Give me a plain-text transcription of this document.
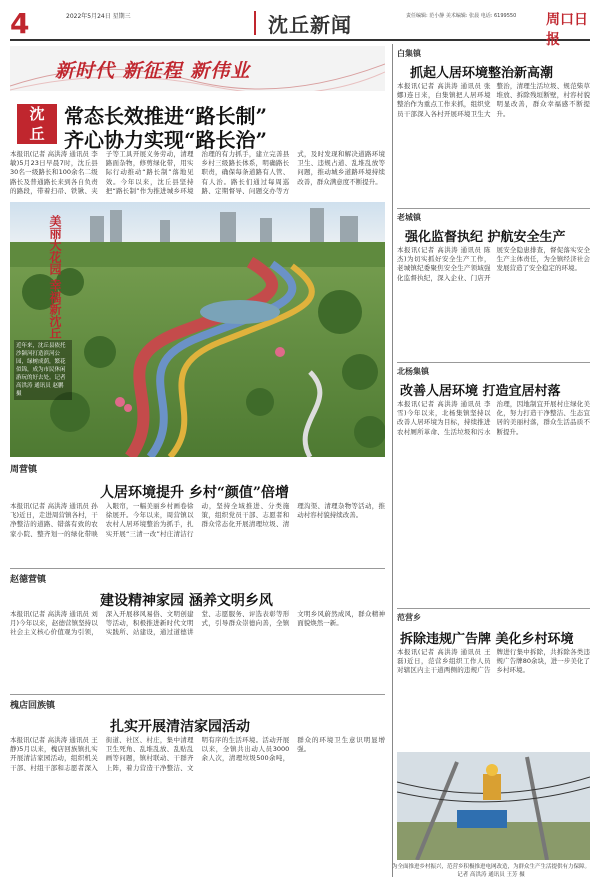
4	2022年5月24日 星期三	沈丘新闻	责任编辑: 范小静 美术编辑: 张晨 电话: 6199550 周口日报
新时代 新征程 新伟业
沈丘
常态长效推进“路长制”
齐心协力实现“路长治”
本报讯(记者 高洪涛 通讯员 李 敏)5月23日早晨7时，沈丘县30名一级路长和100余名二级路长及普通路长来到各自负责的路段，带着扫帚、铁锹、夹子等工具开展义务劳动，清理路面杂物，修剪绿化带，用实际行动推动“路长制”落地见效。今年以来，沈丘县坚持把“路长制”作为推进城乡环境治理的有力抓手，建立完善县乡村三级路长体系，明确路长职责，确保每条道路有人管、有人治。路长们通过每周巡路、定期督导、问题交办等方式，及时发现和解决道路环境卫生、违规占道、乱堆乱放等问题，推动城乡道路环境持续改善，群众满意度不断提升。
美丽大花园 幸福新沈丘
近年来，沈丘县依托沙颍河打造滨河公园，绿树成荫，繁花似锦，成为市民休闲游玩的好去处。记者 高洪涛 通讯员 赵鹏 摄
周营镇
人居环境提升 乡村“颜值”倍增
本报讯(记者 高洪涛 通讯员 孙 飞)近日，走进周营镇各村，干净整洁的道路、错落有致的农家小院、整齐划一的绿化带映入眼帘，一幅美丽乡村画卷徐徐展开。今年以来，周营镇以农村人居环境整治为抓手，扎实开展“三清一改”村庄清洁行动，坚持全域推进、分类施策，组织党员干部、志愿者和群众常态化开展清理垃圾、清理沟渠、清理杂物等活动，推动村容村貌持续改善。
赵德营镇
建设精神家园 涵养文明乡风
本报讯(记者 高洪涛 通讯员 刘 月)今年以来，赵德营镇坚持以社会主义核心价值观为引领，深入开展移风易俗、文明创建等活动，积极推进新时代文明实践所、站建设，通过道德讲堂、志愿服务、评选表彰等形式，引导群众崇德向善，全镇文明乡风蔚然成风，群众精神面貌焕然一新。
槐店回族镇
扎实开展清洁家园活动
本报讯(记者 高洪涛 通讯员 王 静)5月以来，槐店回族镇扎实开展清洁家园活动，组织机关干部、村组干部和志愿者深入街道、社区、村庄，集中清理卫生死角、乱堆乱放、乱贴乱画等问题，镇村联动、干群齐上阵，着力营造干净整洁、文明有序的生活环境。活动开展以来，全镇共出动人员3000余人次，清理垃圾500余吨，群众的环境卫生意识明显增强。
白集镇
抓起人居环境整治新高潮
本报讯(记者 高洪涛 通讯员 张 娜)连日来，白集镇把人居环境整治作为重点工作来抓，组织党员干部深入各村开展环境卫生大整治，清理生活垃圾、规范柴草堆放、拆除残垣断壁，村容村貌明显改善，群众幸福感不断提升。
老城镇
强化监督执纪 护航安全生产
本报讯(记者 高洪涛 通讯员 陈 杰)为切实抓好安全生产工作，老城镇纪委聚焦安全生产领域强化监督执纪，深入企业、门店开展安全隐患排查，督促落实安全生产主体责任，为全镇经济社会发展营造了安全稳定的环境。
北杨集镇
改善人居环境 打造宜居村落
本报讯(记者 高洪涛 通讯员 李 雪)今年以来，北杨集镇坚持以改善人居环境为目标，持续推进农村厕所革命、生活垃圾和污水治理，因地制宜开展村庄绿化美化，努力打造干净整洁、生态宜居的美丽村落，群众生活品质不断提升。
范营乡
拆除违规广告牌 美化乡村环境
本报讯(记者 高洪涛 通讯员 王 磊)近日，范营乡组织工作人员对辖区内主干道两侧的违规广告牌进行集中拆除，共拆除各类违规广告牌80余块，进一步美化了乡村环境。
为全面推进乡村振兴，范营乡积极推进电网改造，为群众生产生活提供有力保障。记者 高洪涛 通讯员 王芳 摄
